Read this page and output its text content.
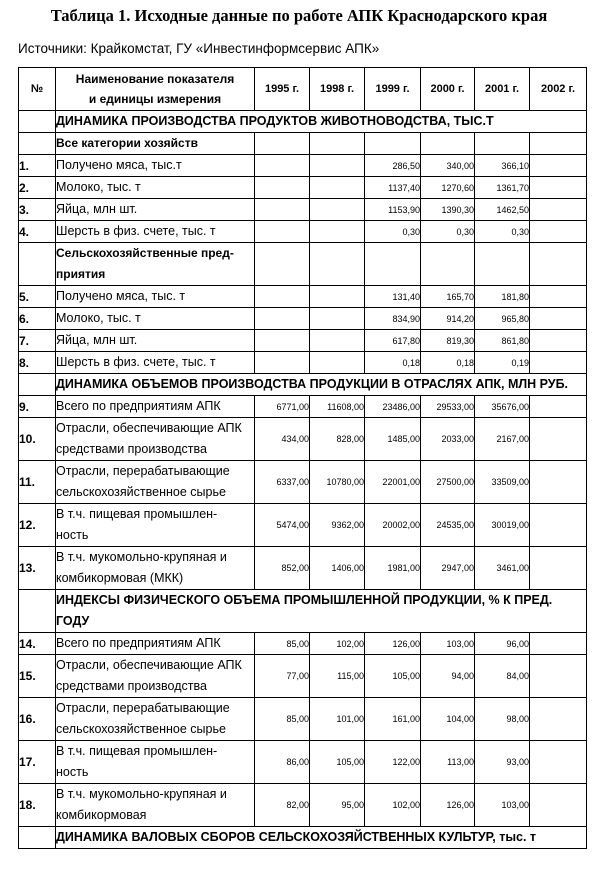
Таблица 1. Исходные данные по работе АПК Краснодарского края
Источники: Крайкомстат, ГУ «Инвестинформсервис АПК»
№	Наименование показателя
и единицы измерения	1995 г.	1998 г.	1999 г.	2000 г.	2001 г.	2002 г.

	ДИНАМИКА ПРОИЗВОДСТВА ПРОДУКТОВ ЖИВОТНОВОДСТВА, ТЫС.Т						

	Все категории хозяйств						

1.	Получено мяса, тыс.т			286,50	340,00	366,10	
2.	Молоко, тыс. т			1137,40	1270,60	1361,70	
3.	Яйца, млн шт.			1153,90	1390,30	1462,50	
4.	Шерсть в физ. счете, тыс. т			0,30	0,30	0,30	

	Сельскохозяйственные пред-
приятия						

5.	Получено мяса, тыс. т			131,40	165,70	181,80	
6.	Молоко, тыс. т			834,90	914,20	965,80	
7.	Яйца, млн шт.			617,80	819,30	861,80	
8.	Шерсть в физ. счете, тыс. т			0,18	0,18	0,19	

	ДИНАМИКА ОБЪЕМОВ ПРОИЗВОДСТВА ПРОДУКЦИИ В ОТРАСЛЯХ АПК, МЛН РУБ.						

9.	Всего по предприятиям АПК	6771,00	11608,00	23486,00	29533,00	35676,00	
10.	Отрасли, обеспечивающие АПК
средствами производства	434,00	828,00	1485,00	2033,00	2167,00	
11.	Отрасли, перерабатывающие
сельскохозяйственное сырье	6337,00	10780,00	22001,00	27500,00	33509,00	
12.	В т.ч. пищевая промышлен-
ность	5474,00	9362,00	20002,00	24535,00	30019,00	
13.	В т.ч. мукомольно-крупяная и
комбикормовая (МКК)	852,00	1406,00	1981,00	2947,00	3461,00	

	ИНДЕКСЫ ФИЗИЧЕСКОГО ОБЪЕМА ПРОМЫШЛЕННОЙ ПРОДУКЦИИ, % К ПРЕД.
ГОДУ						

14.	Всего по предприятиям АПК	85,00	102,00	126,00	103,00	96,00	
15.	Отрасли, обеспечивающие АПК
средствами производства	77,00	115,00	105,00	94,00	84,00	
16.	Отрасли, перерабатывающие
сельскохозяйственное сырье	85,00	101,00	161,00	104,00	98,00	
17.	В т.ч. пищевая промышлен-
ность	86,00	105,00	122,00	113,00	93,00	
18.	В т.ч. мукомольно-крупяная и
комбикормовая	82,00	95,00	102,00	126,00	103,00	

	ДИНАМИКА ВАЛОВЫХ СБОРОВ СЕЛЬСКОХОЗЯЙСТВЕННЫХ КУЛЬТУР, тыс. т						
